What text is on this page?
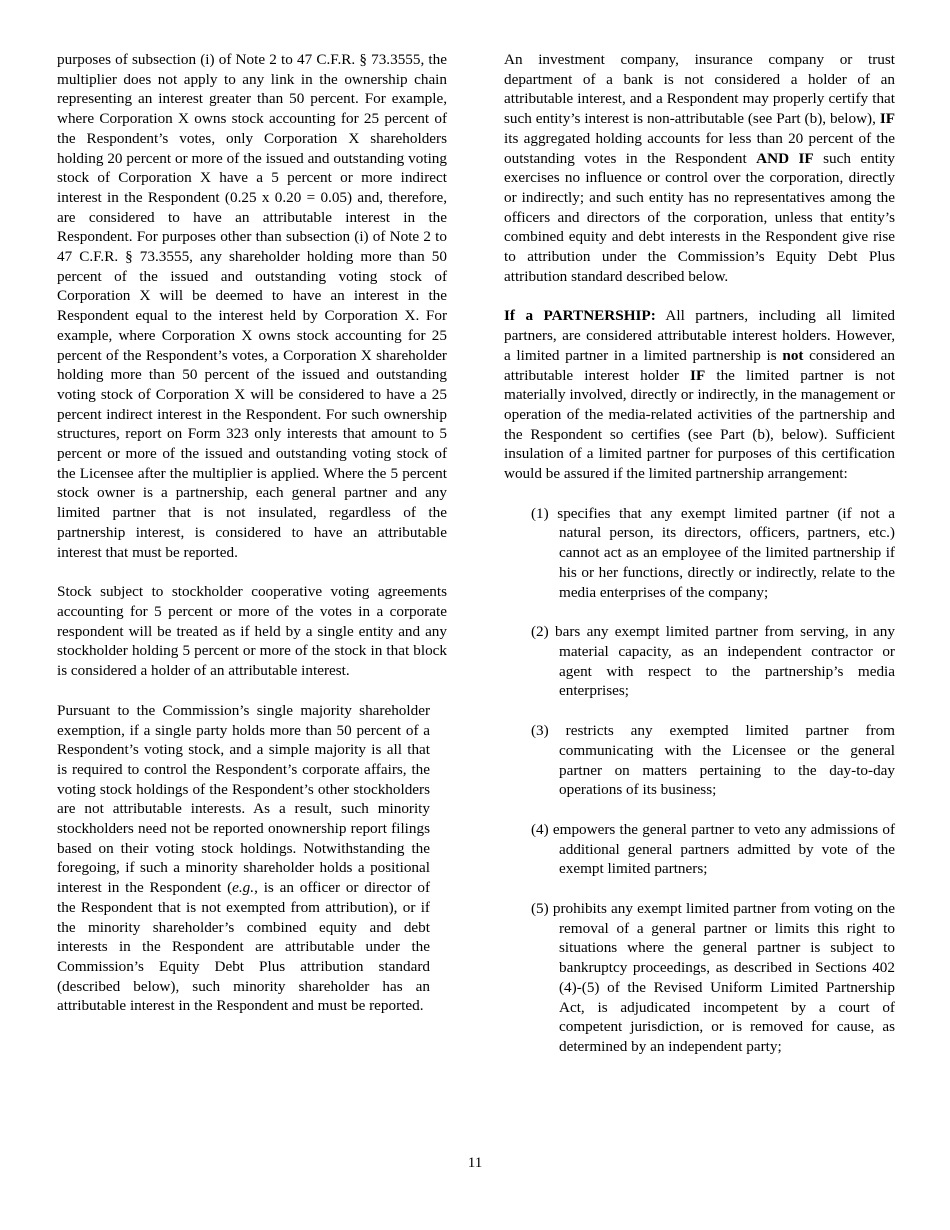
purposes of subsection (i) of Note 2 to 47 C.F.R. § 73.3555, the multiplier does not apply to any link in the ownership chain representing an interest greater than 50 percent. For example, where Corporation X owns stock accounting for 25 percent of the Respondent’s votes, only Corporation X shareholders holding 20 percent or more of the issued and outstanding voting stock of Corporation X have a 5 percent or more indirect interest in the Respondent (0.25 x 0.20 = 0.05) and, therefore, are considered to have an attributable interest in the Respondent. For purposes other than subsection (i) of Note 2 to 47 C.F.R. § 73.3555, any shareholder holding more than 50 percent of the issued and outstanding voting stock of Corporation X will be deemed to have an interest in the Respondent equal to the interest held by Corporation X. For example, where Corporation X owns stock accounting for 25 percent of the Respondent’s votes, a Corporation X shareholder holding more than 50 percent of the issued and outstanding voting stock of Corporation X will be considered to have a 25 percent indirect interest in the Respondent. For such ownership structures, report on Form 323 only interests that amount to 5 percent or more of the issued and outstanding voting stock of the Licensee after the multiplier is applied. Where the 5 percent stock owner is a partnership, each general partner and any limited partner that is not insulated, regardless of the partnership interest, is considered to have an attributable interest that must be reported.

Stock subject to stockholder cooperative voting agreements accounting for 5 percent or more of the votes in a corporate respondent will be treated as if held by a single entity and any stockholder holding 5 percent or more of the stock in that block is considered a holder of an attributable interest.

Pursuant to the Commission’s single majority shareholder exemption, if a single party holds more than 50 percent of a Respondent’s voting stock, and a simple majority is all that is required to control the Respondent’s corporate affairs, the voting stock holdings of the Respondent’s other stockholders are not attributable interests. As a result, such minority stockholders need not be reported onownership report filings based on their voting stock holdings. Notwithstanding the foregoing, if such a minority shareholder holds a positional interest in the Respondent (e.g., is an officer or director of the Respondent that is not exempted from attribution), or if the minority shareholder’s combined equity and debt interests in the Respondent are attributable under the Commission’s Equity Debt Plus attribution standard (described below), such minority shareholder has an attributable interest in the Respondent and must be reported.

An investment company, insurance company or trust department of a bank is not considered a holder of an attributable interest, and a Respondent may properly certify that such entity’s interest is non-attributable (see Part (b), below), IF its aggregated holding accounts for less than 20 percent of the outstanding votes in the Respondent AND IF such entity exercises no influence or control over the corporation, directly or indirectly; and such entity has no representatives among the officers and directors of the corporation, unless that entity’s combined equity and debt interests in the Respondent give rise to attribution under the Commission’s Equity Debt Plus attribution standard described below.

If a PARTNERSHIP: All partners, including all limited partners, are considered attributable interest holders. However, a limited partner in a limited partnership is not considered an attributable interest holder IF the limited partner is not materially involved, directly or indirectly, in the management or operation of the media-related activities of the partnership and the Respondent so certifies (see Part (b), below). Sufficient insulation of a limited partner for purposes of this certification would be assured if the limited partnership arrangement:

(1) specifies that any exempt limited partner (if not a natural person, its directors, officers, partners, etc.) cannot act as an employee of the limited partnership if his or her functions, directly or indirectly, relate to the media enterprises of the company;

(2) bars any exempt limited partner from serving, in any material capacity, as an independent contractor or agent with respect to the partnership’s media enterprises;

(3) restricts any exempted limited partner from communicating with the Licensee or the general partner on matters pertaining to the day-to-day operations of its business;

(4) empowers the general partner to veto any admissions of additional general partners admitted by vote of the exempt limited partners;

(5) prohibits any exempt limited partner from voting on the removal of a general partner or limits this right to situations where the general partner is subject to bankruptcy proceedings, as described in Sections 402 (4)-(5) of the Revised Uniform Limited Partnership Act, is adjudicated incompetent by a court of competent jurisdiction, or is removed for cause, as determined by an independent party;

11
